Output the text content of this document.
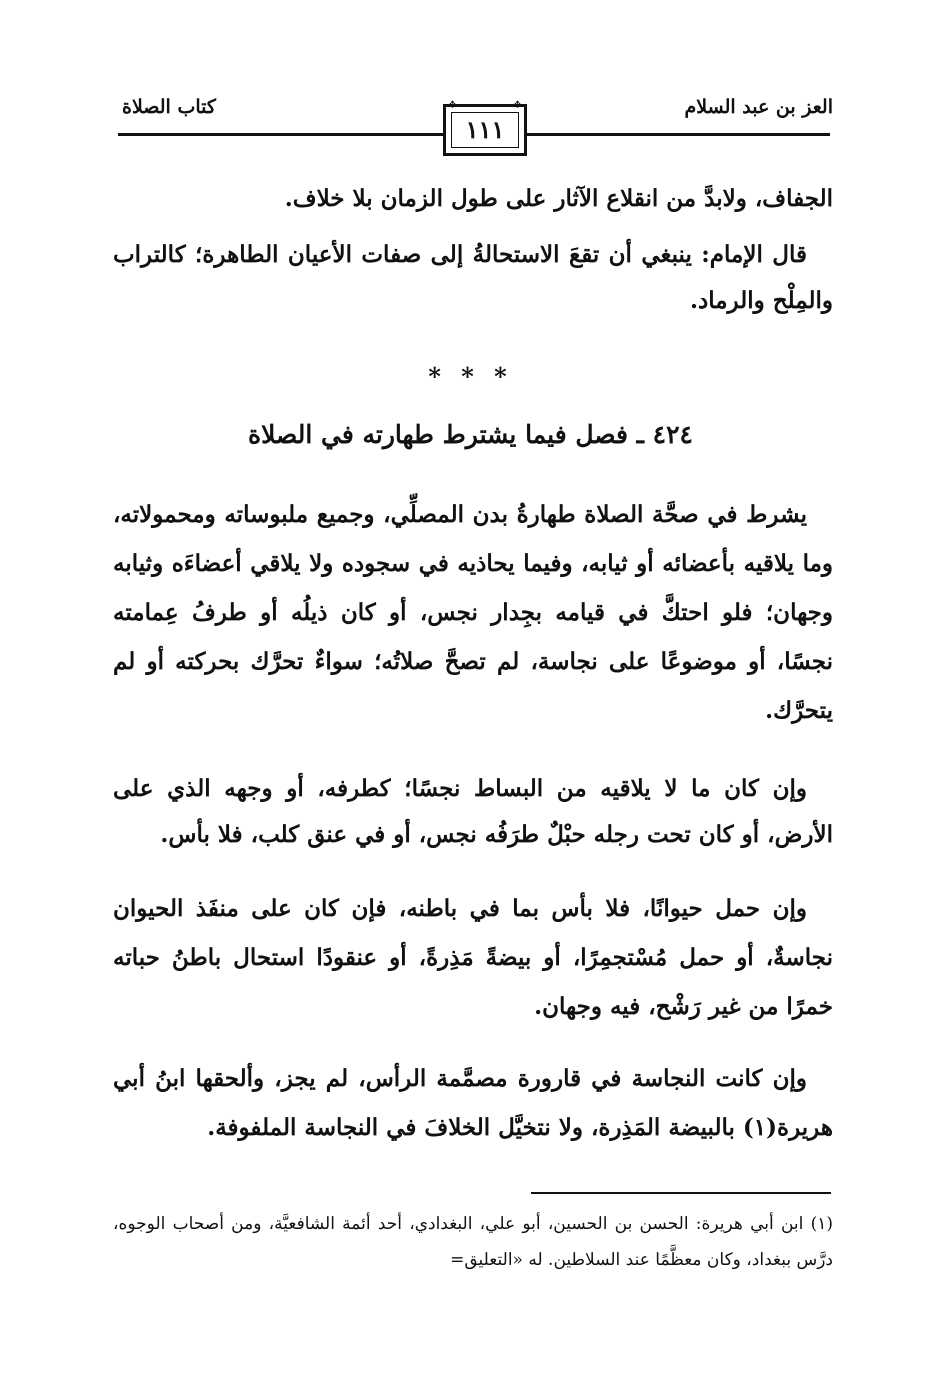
العز بن عبد السلام
كتاب الصلاة	❖	❖
١١١
الجفاف، ولابدَّ من انقلاع الآثار على طول الزمان بلا خلاف.
قال الإمام: ينبغي أن تقعَ الاستحالةُ إلى صفات الأعيان الطاهرة؛ كالتراب والمِلْح والرماد.
* * *
٤٢٤ ـ فصل فيما يشترط طهارته في الصلاة
يشرط في صحَّة الصلاة طهارةُ بدن المصلِّي، وجميع ملبوساته ومحمولاته، وما يلاقيه بأعضائه أو ثيابه، وفيما يحاذيه في سجوده ولا يلاقي أعضاءَه وثيابه وجهان؛ فلو احتكَّ في قيامه بجِدار نجس، أو كان ذيلُه أو طرفُ عِمامته نجسًا، أو موضوعًا على نجاسة، لم تصحَّ صلاتُه؛ سواءٌ تحرَّك بحركته أو لم يتحرَّك.
وإن كان ما لا يلاقيه من البساط نجسًا؛ كطرفه، أو وجهه الذي على الأرض، أو كان تحت رجله حبْلٌ طرَفُه نجس، أو في عنق كلب، فلا بأس.
وإن حمل حيوانًا، فلا بأس بما في باطنه، فإن كان على منفَذ الحيوان نجاسةٌ، أو حمل مُسْتجمِرًا، أو بيضةً مَذِرةً، أو عنقودًا استحال باطنُ حباته خمرًا من غير رَشْح، فيه وجهان.
وإن كانت النجاسة في قارورة مصمَّمة الرأس، لم يجز، وألحقها ابنُ أبي هريرة(١) بالبيضة المَذِرة، ولا نتخيَّل الخلافَ في النجاسة الملفوفة.
(١) ابن أبي هريرة: الحسن بن الحسين، أبو علي، البغدادي، أحد أئمة الشافعيَّة، ومن أصحاب الوجوه، درَّس ببغداد، وكان معظَّمًا عند السلاطين. له «التعليق=
